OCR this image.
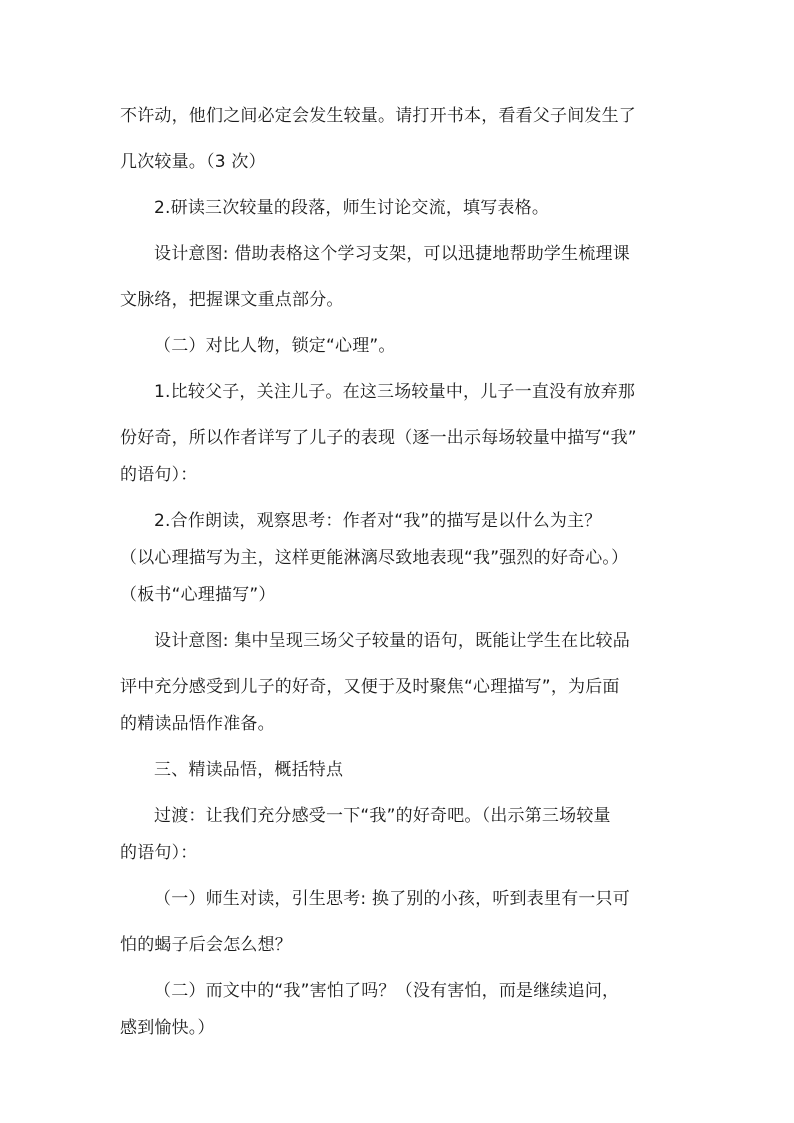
不许动，他们之间必定会发生较量。请打开书本，看看父子间发生了
几次较量。（3 次）
2.研读三次较量的段落，师生讨论交流，填写表格。
设计意图: 借助表格这个学习支架，可以迅捷地帮助学生梳理课
文脉络，把握课文重点部分。
（二）对比人物，锁定“心理”。
1.比较父子，关注儿子。在这三场较量中，儿子一直没有放弃那
份好奇，所以作者详写了儿子的表现（逐一出示每场较量中描写“我”
的语句）：
2.合作朗读，观察思考：作者对“我”的描写是以什么为主？
（以心理描写为主，这样更能淋漓尽致地表现“我”强烈的好奇心。）
（板书“心理描写”）
设计意图: 集中呈现三场父子较量的语句，既能让学生在比较品
评中充分感受到儿子的好奇，又便于及时聚焦“心理描写”，为后面
的精读品悟作准备。
三、精读品悟，概括特点
过渡：让我们充分感受一下“我”的好奇吧。（出示第三场较量
的语句）：
（一）师生对读，引生思考: 换了别的小孩，听到表里有一只可
怕的蝎子后会怎么想？
（二）而文中的“我”害怕了吗？（没有害怕，而是继续追问，
感到愉快。）
